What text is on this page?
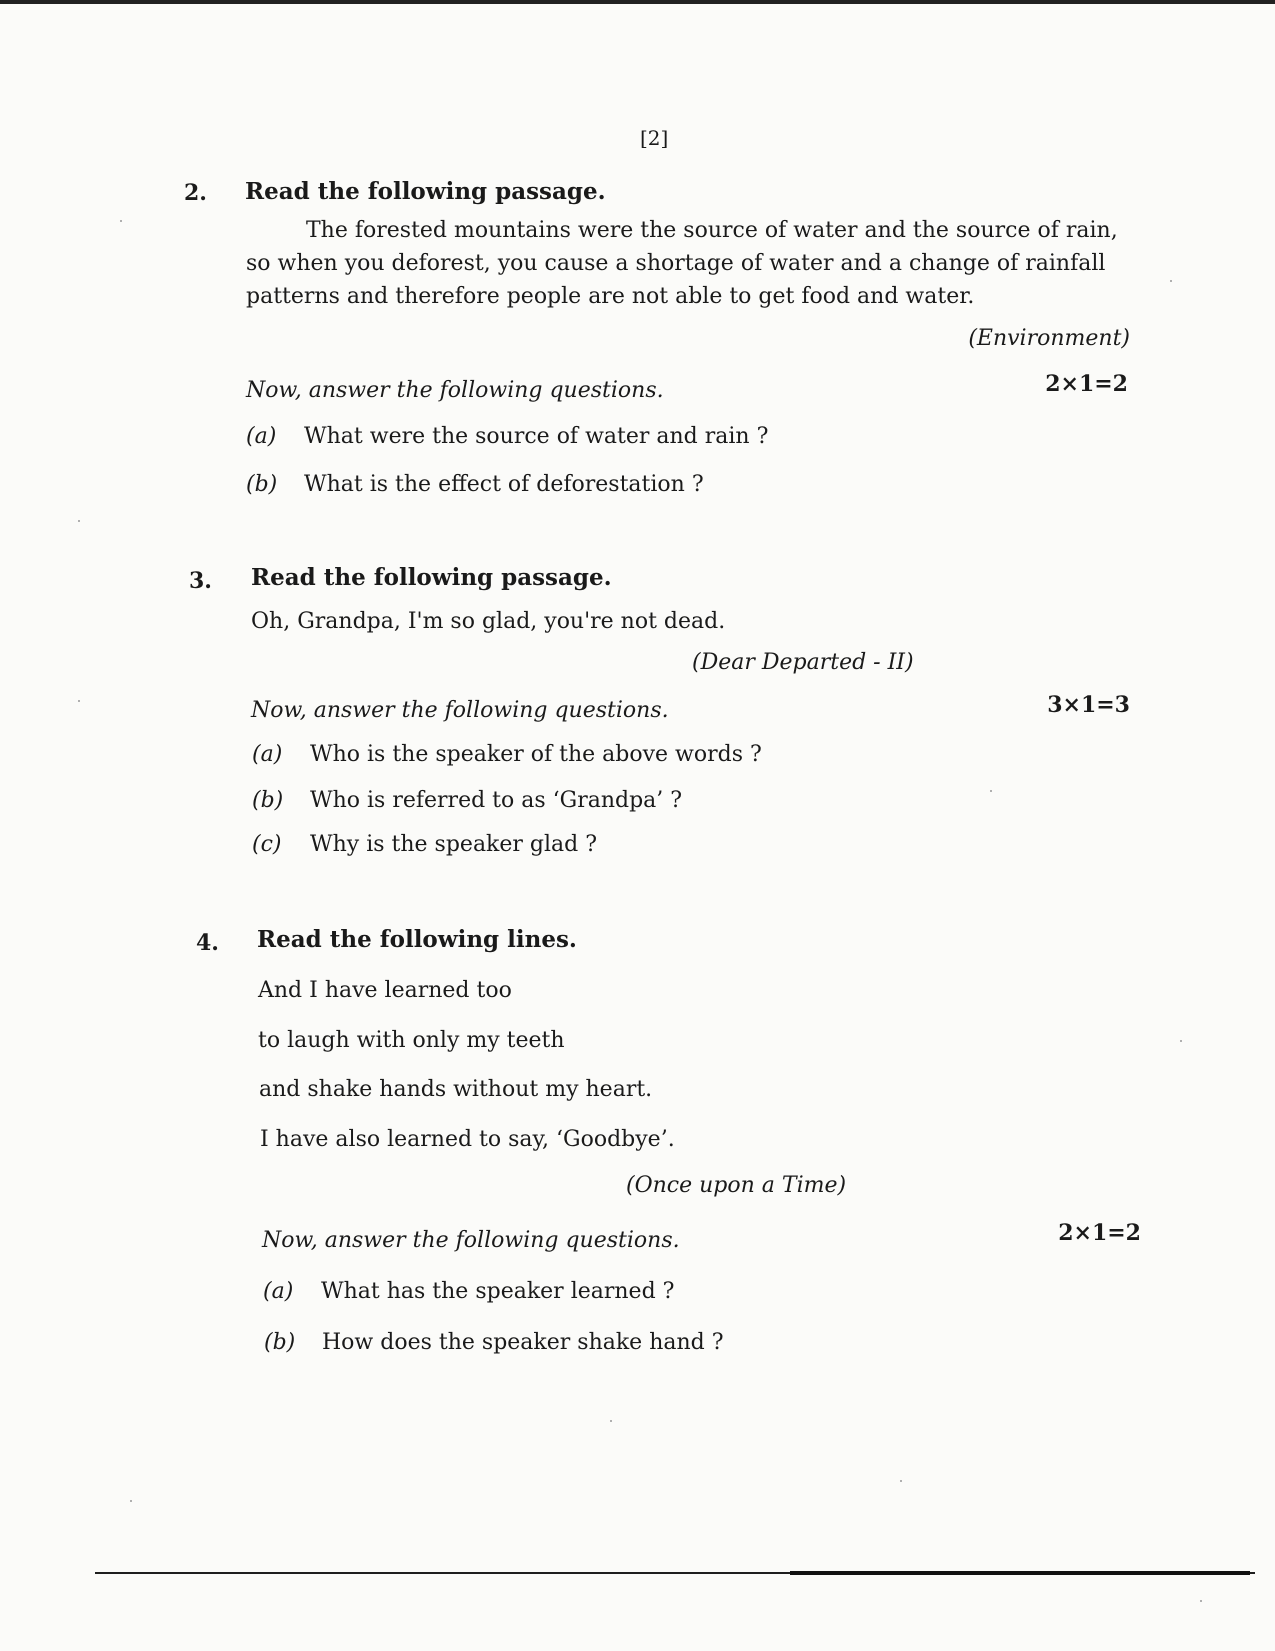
[2]
2. Read the following passage.
The forested mountains were the source of water and the source of rain, so when you deforest, you cause a shortage of water and a change of rainfall patterns and therefore people are not able to get food and water.
(Environment)
Now, answer the following questions.	2×1=2
(a) What were the source of water and rain ?
(b) What is the effect of deforestation ?
3. Read the following passage.
Oh, Grandpa, I'm so glad, you're not dead.
(Dear Departed - II)
Now, answer the following questions.	3×1=3
(a) Who is the speaker of the above words ?
(b) Who is referred to as ‘Grandpa’ ?
(c) Why is the speaker glad ?
4. Read the following lines.
And I have learned too
to laugh with only my teeth
and shake hands without my heart.
I have also learned to say, ‘Goodbye’.
(Once upon a Time)
Now, answer the following questions.	2×1=2
(a) What has the speaker learned ?
(b) How does the speaker shake hand ?
